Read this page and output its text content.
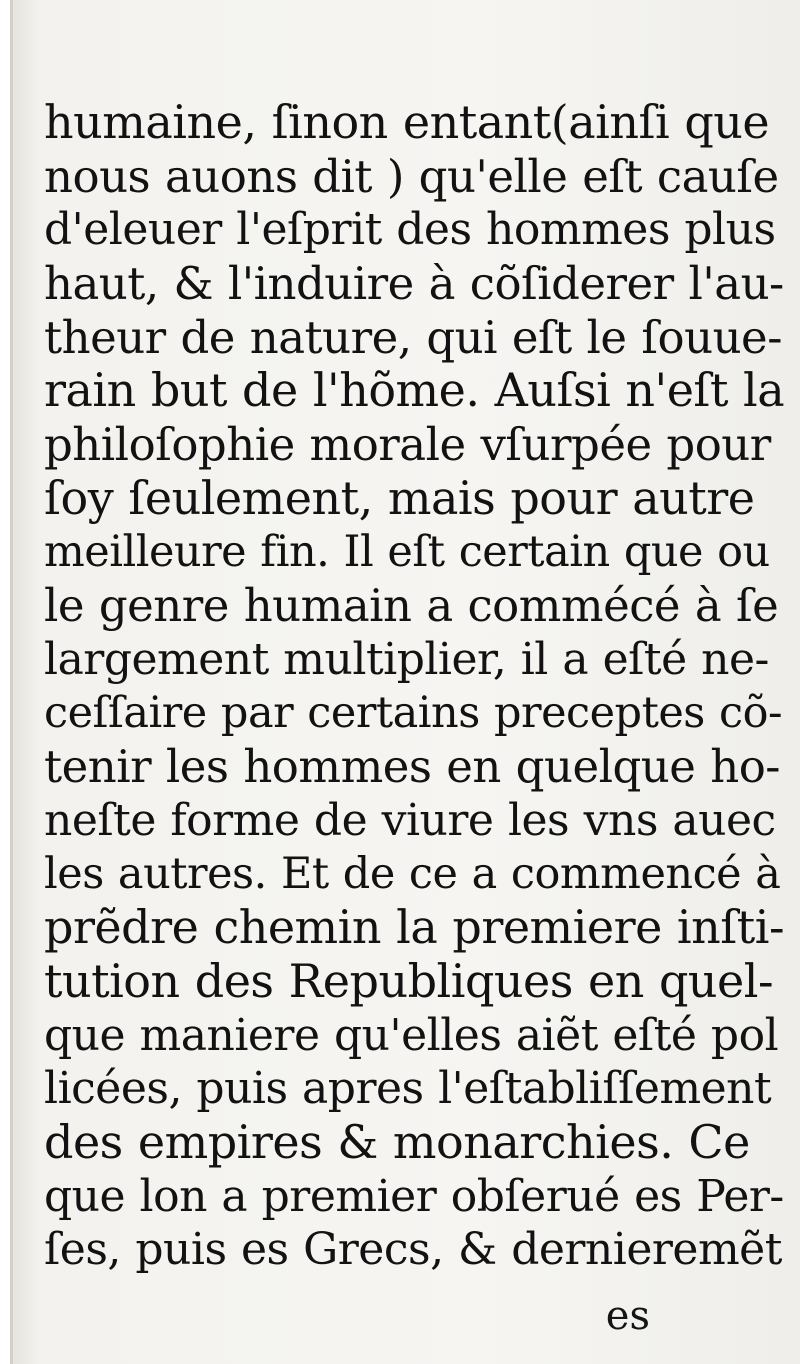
humaine, ſinon entant(ainſi que
nous auons dit ) qu'elle eſt cauſe
d'eleuer l'eſprit des hommes plus
haut, & l'induire à cõſiderer l'au-
theur de nature, qui eſt le ſouue-
rain but de l'hõme. Auſsi n'eſt la
philoſophie morale vſurpée pour
ſoy ſeulement, mais pour autre
meilleure fin. Il eſt certain que ou
le genre humain a commécé à ſe
largement multiplier, il a eſté ne-
ceſſaire par certains preceptes cõ-
tenir les hommes en quelque ho-
neſte forme de viure les vns auec
les autres. Et de ce a commencé à
prẽdre chemin la premiere inſti-
tution des Republiques en quel-
que maniere qu'elles aiẽt eſté pol
licées, puis apres l'eſtabliſſement
des empires & monarchies. Ce
que lon a premier obſerué es Per-
ſes, puis es Grecs, & dernieremẽt
es
